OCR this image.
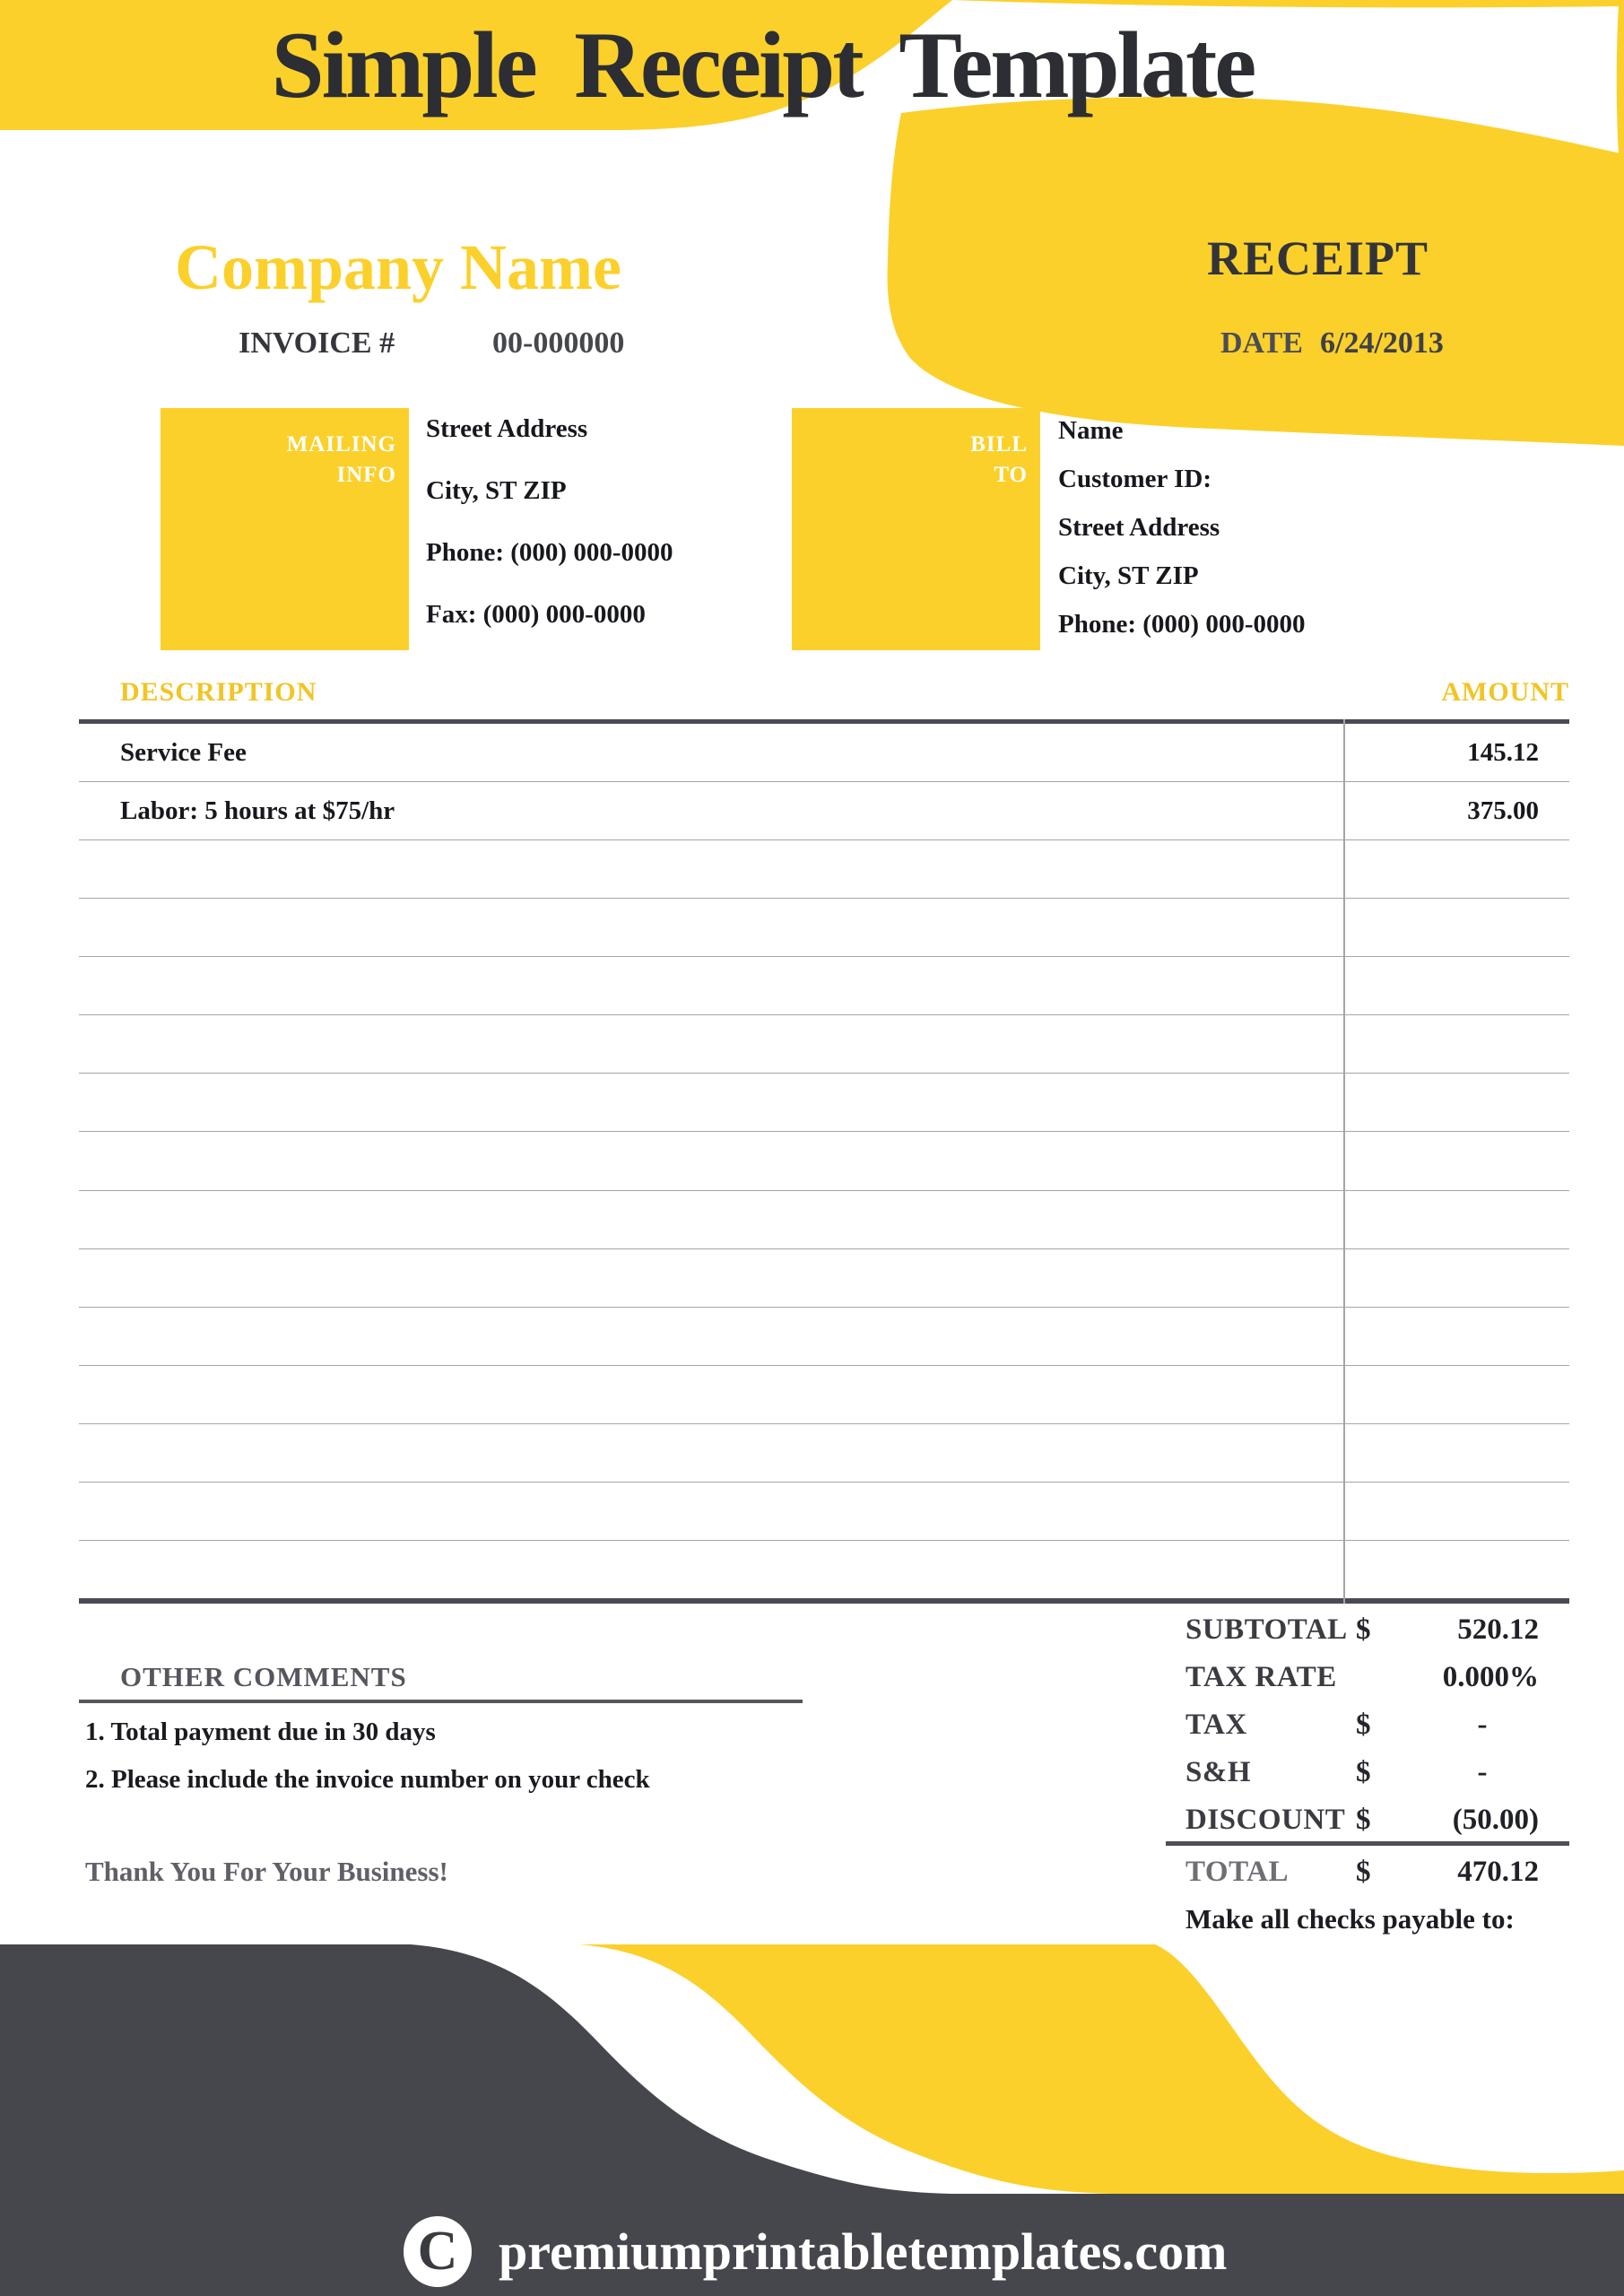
Simple Receipt Template
Company Name	RECEIPT
INVOICE #	00-000000	DATE 6/24/2013
MAILING
INFO
Street Address
City, ST ZIP
Phone: (000) 000-0000
Fax: (000) 000-0000
BILL
TO
Name
Customer ID:
Street Address
City, ST ZIP
Phone: (000) 000-0000
DESCRIPTION	AMOUNT
Service Fee	145.12
Labor: 5 hours at $75/hr	375.00
SUBTOTAL $	520.12
TAX RATE	0.000%
TAX	$	-
S&H	$	-
DISCOUNT $	(50.00)
TOTAL	$	470.12
Make all checks payable to:
OTHER COMMENTS
1. Total payment due in 30 days
2. Please include the invoice number on your check
Thank You For Your Business!
C premiumprintabletemplates.com
